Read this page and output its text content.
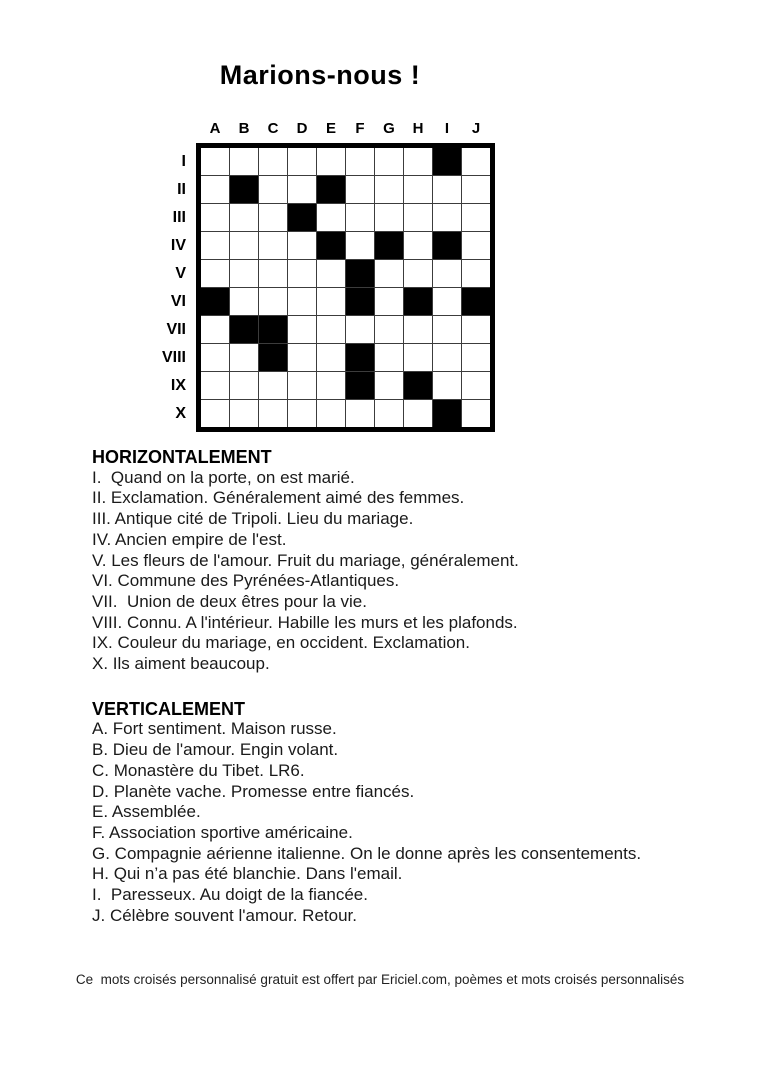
Marions-nous !
A	B	C	D	E	F	G	H	I	J
I
II
III
IV
V
VI
VII
VIII
IX
X
HORIZONTALEMENT
I.  Quand on la porte, on est marié.
II. Exclamation. Généralement aimé des femmes.
III. Antique cité de Tripoli. Lieu du mariage.
IV. Ancien empire de l'est.
V. Les fleurs de l'amour. Fruit du mariage, généralement.
VI. Commune des Pyrénées-Atlantiques.
VII.  Union de deux êtres pour la vie.
VIII. Connu. A l'intérieur. Habille les murs et les plafonds.
IX. Couleur du mariage, en occident. Exclamation.
X. Ils aiment beaucoup.
VERTICALEMENT
A. Fort sentiment. Maison russe.
B. Dieu de l'amour. Engin volant.
C. Monastère du Tibet. LR6.
D. Planète vache. Promesse entre fiancés.
E. Assemblée.
F. Association sportive américaine.
G. Compagnie aérienne italienne. On le donne après les consentements.
H. Qui n’a pas été blanchie. Dans l'email.
I.  Paresseux. Au doigt de la fiancée.
J. Célèbre souvent l'amour. Retour.
Ce  mots croisés personnalisé gratuit est offert par Ericiel.com, poèmes et mots croisés personnalisés
